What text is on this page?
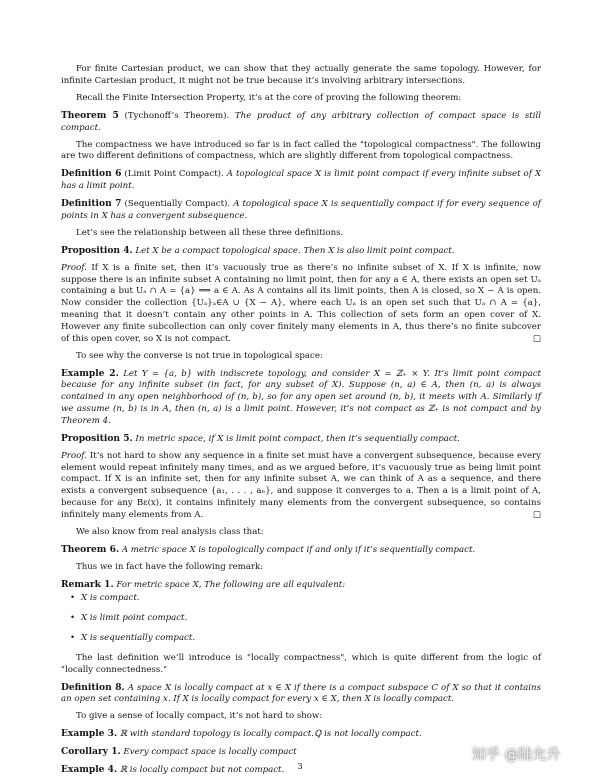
For finite Cartesian product, we can show that they actually generate the same topology. However, for infinite Cartesian product, it might not be true because it’s involving arbitrary intersections.

Recall the Finite Intersection Property, it’s at the core of proving the following theorem:

Theorem 5 (Tychonoff’s Theorem). The product of any arbitrary collection of compact space is still compact.

The compactness we have introduced so far is in fact called the "topological compactness". The following are two different definitions of compactness, which are slightly different from topological compactness.

Definition 6 (Limit Point Compact). A topological space X is limit point compact if every infinite subset of X has a limit point.

Definition 7 (Sequentially Compact). A topological space X is sequentially compact if for every sequence of points in X has a convergent subsequence.

Let’s see the relationship between all these three definitions.

Proposition 4. Let X be a compact topological space. Then X is also limit point compact.

Proof. If X is a finite set, then it’s vacuously true as there’s no infinite subset of X. If X is infinite, now suppose there is an infinite subset A containing no limit point, then for any a ∈ A, there exists an open set Uₐ containing a but Uₐ ∩ A = {a} ⟹ a ∈ A. As A contains all its limit points, then A is closed, so X − A is open. Now consider the collection {Uₐ}ₐ∈A ∪ {X − A}, where each Uₐ is an open set such that Uₐ ∩ A = {a}, meaning that it doesn’t contain any other points in A. This collection of sets form an open cover of X. However any finite subcollection can only cover finitely many elements in A, thus there’s no finite subcover of this open cover, so X is not compact.	□

To see why the converse is not true in topological space:

Example 2. Let Y = {a, b} with indiscrete topology, and consider X = ℤ₊ × Y. It’s limit point compact because for any infinite subset (in fact, for any subset of X). Suppose (n, a) ∈ A, then (n, a) is always contained in any open neighborhood of (n, b), so for any open set around (n, b), it meets with A. Similarly if we assume (n, b) is in A, then (n, a) is a limit point. However, it’s not compact as ℤ₊ is not compact and by Theorem 4.

Proposition 5. In metric space, if X is limit point compact, then it’s sequentially compact.

Proof. It’s not hard to show any sequence in a finite set must have a convergent subsequence, because every element would repeat infinitely many times, and as we argued before, it’s vacuously true as being limit point compact. If X is an infinite set, then for any infinite subset A, we can think of A as a sequence, and there exists a convergent subsequence {a₁, . . . , aₙ}, and suppose it converges to a. Then a is a limit point of A, because for any Bε(x), it contains infinitely many elements from the convergent subsequence, so contains infinitely many elements from A.	□

We also know from real analysis class that:

Theorem 6. A metric space X is topologically compact if and only if it’s sequentially compact.

Thus we in fact have the following remark:

Remark 1. For metric space X, The following are all equivalent:

• X is compact.
• X is limit point compact.
• X is sequentially compact.

The last definition we’ll introduce is "locally compactness", which is quite different from the logic of "locally connectedness."

Definition 8. A space X is locally compact at x ∈ X if there is a compact subspace C of X so that it contains an open set containing x. If X is locally compact for every x ∈ X, then X is locally compact.

To give a sense of locally compact, it’s not hard to show:

Example 3. ℝ with standard topology is locally compact.ℚ is not locally compact.

Corollary 1. Every compact space is locally compact

Example 4. ℝ is locally compact but not compact.

知乎 @陆允升
3
